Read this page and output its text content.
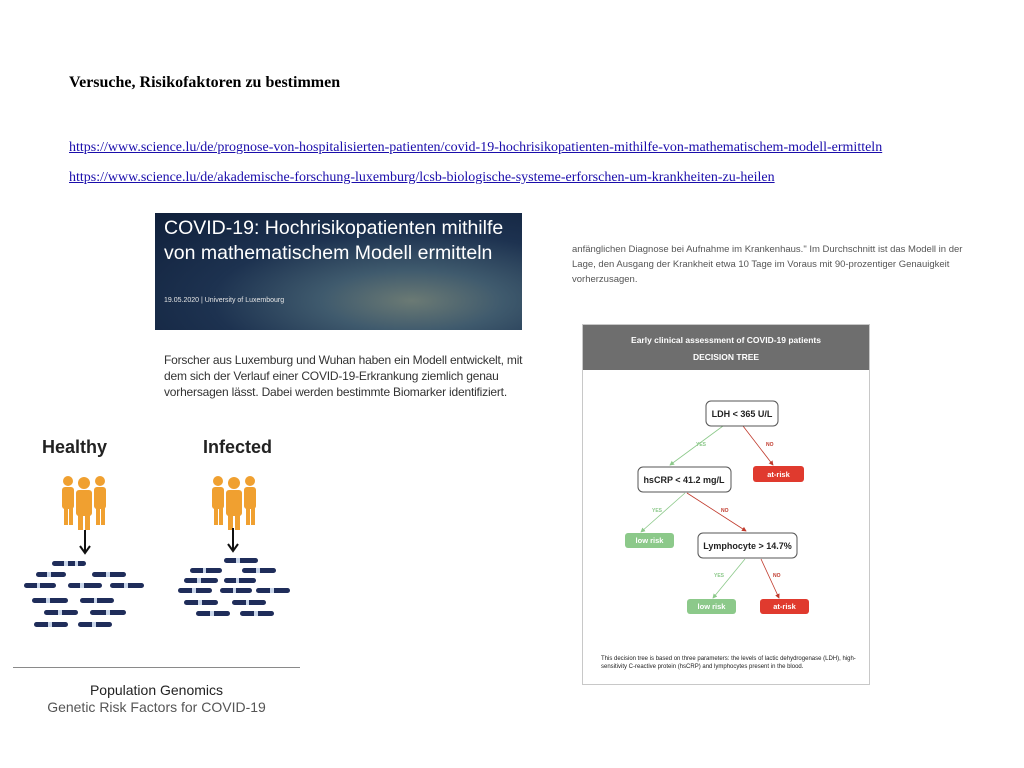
Versuche, Risikofaktoren zu bestimmen
https://www.science.lu/de/prognose-von-hospitalisierten-patienten/covid-19-hochrisikopatienten-mithilfe-von-mathematischem-modell-ermitteln
https://www.science.lu/de/akademische-forschung-luxemburg/lcsb-biologische-systeme-erforschen-um-krankheiten-zu-heilen
COVID-19: Hochrisikopatienten mithilfe von mathematischem Modell ermitteln
19.05.2020 | University of Luxembourg
Forscher aus Luxemburg und Wuhan haben ein Modell entwickelt, mit dem sich der Verlauf einer COVID-19-Erkrankung ziemlich genau vorhersagen lässt. Dabei werden bestimmte Biomarker identifiziert.
Healthy	Infected
Population Genomics
Genetic Risk Factors for COVID-19
anfänglichen Diagnose bei Aufnahme im Krankenhaus." Im Durchschnitt ist das Modell in der Lage, den Ausgang der Krankheit etwa 10 Tage im Voraus mit 90-prozentiger Genauigkeit vorherzusagen.
Early clinical assessment of COVID-19 patients
DECISION TREE
YES	NO
YES	NO
YES	NO
LDH < 365 U/L
hsCRP < 41.2 mg/L
at-risk
low risk
Lymphocyte > 14.7%
low risk	at-risk
This decision tree is based on three parameters: the levels of lactic dehydrogenase (LDH), high-sensitivity C-reactive protein (hsCRP) and lymphocytes present in the blood.
